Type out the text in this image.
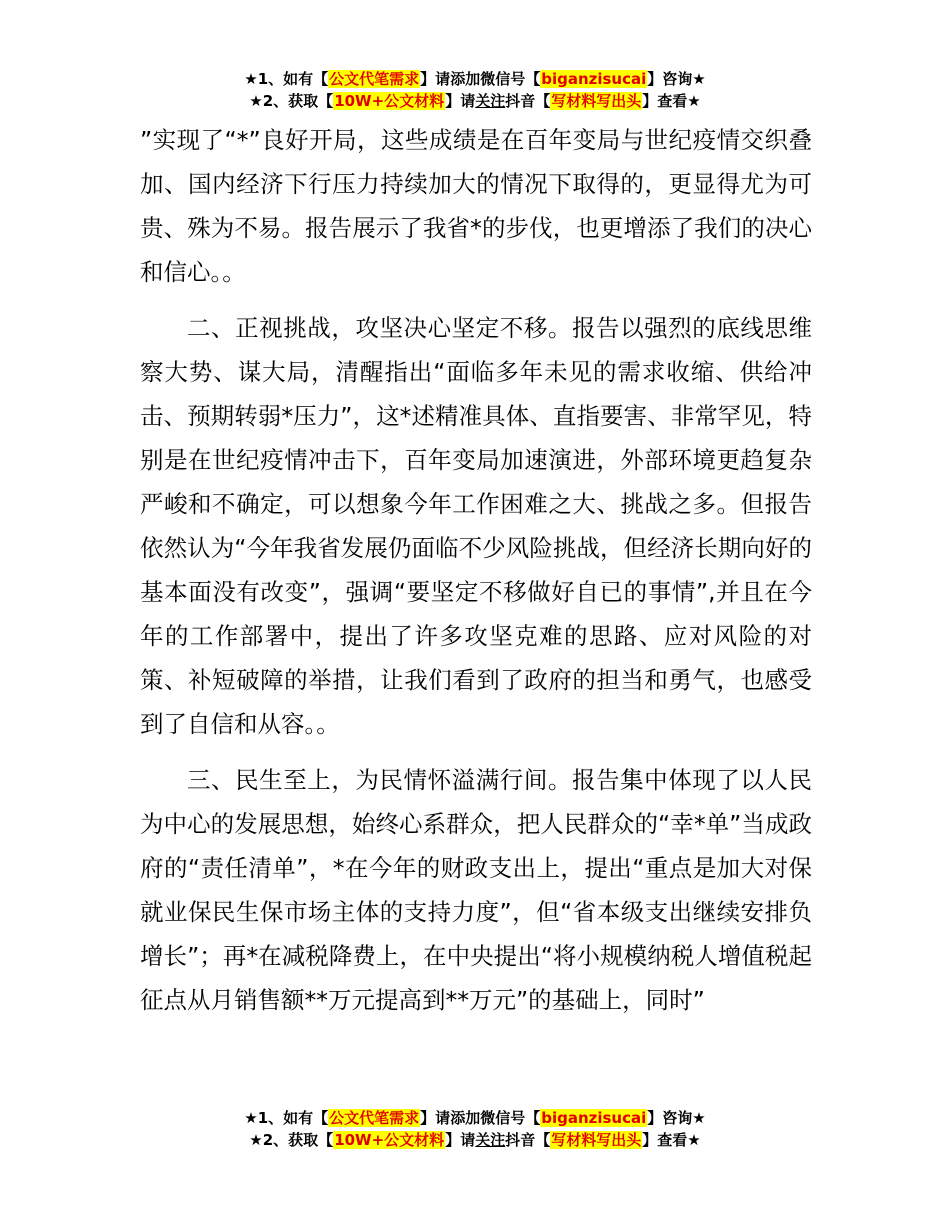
★1、如有【公文代笔需求】请添加微信号【biganzisucai】咨询★
★2、获取【10W+公文材料】请关注抖音【写材料写出头】查看★

”实现了“*”良好开局，这些成绩是在百年变局与世纪疫情交织叠加、国内经济下行压力持续加大的情况下取得的，更显得尤为可贵、殊为不易。报告展示了我省*的步伐，也更增添了我们的决心和信心。。

二、正视挑战，攻坚决心坚定不移。报告以强烈的底线思维察大势、谋大局，清醒指出“面临多年未见的需求收缩、供给冲击、预期转弱*压力”，这*述精准具体、直指要害、非常罕见，特别是在世纪疫情冲击下，百年变局加速演进，外部环境更趋复杂严峻和不确定，可以想象今年工作困难之大、挑战之多。但报告依然认为“今年我省发展仍面临不少风险挑战，但经济长期向好的基本面没有改变”，强调“要坚定不移做好自已的事情”,并且在今年的工作部署中，提出了许多攻坚克难的思路、应对风险的对策、补短破障的举措，让我们看到了政府的担当和勇气，也感受到了自信和从容。。

三、民生至上，为民情怀溢满行间。报告集中体现了以人民为中心的发展思想，始终心系群众，把人民群众的“幸*单”当成政府的“责任清单”，*在今年的财政支出上，提出“重点是加大对保就业保民生保市场主体的支持力度”，但“省本级支出继续安排负增长”；再*在减税降费上，在中央提出“将小规模纳税人增值税起征点从月销售额**万元提高到**万元”的基础上，同时”

★1、如有【公文代笔需求】请添加微信号【biganzisucai】咨询★
★2、获取【10W+公文材料】请关注抖音【写材料写出头】查看★
